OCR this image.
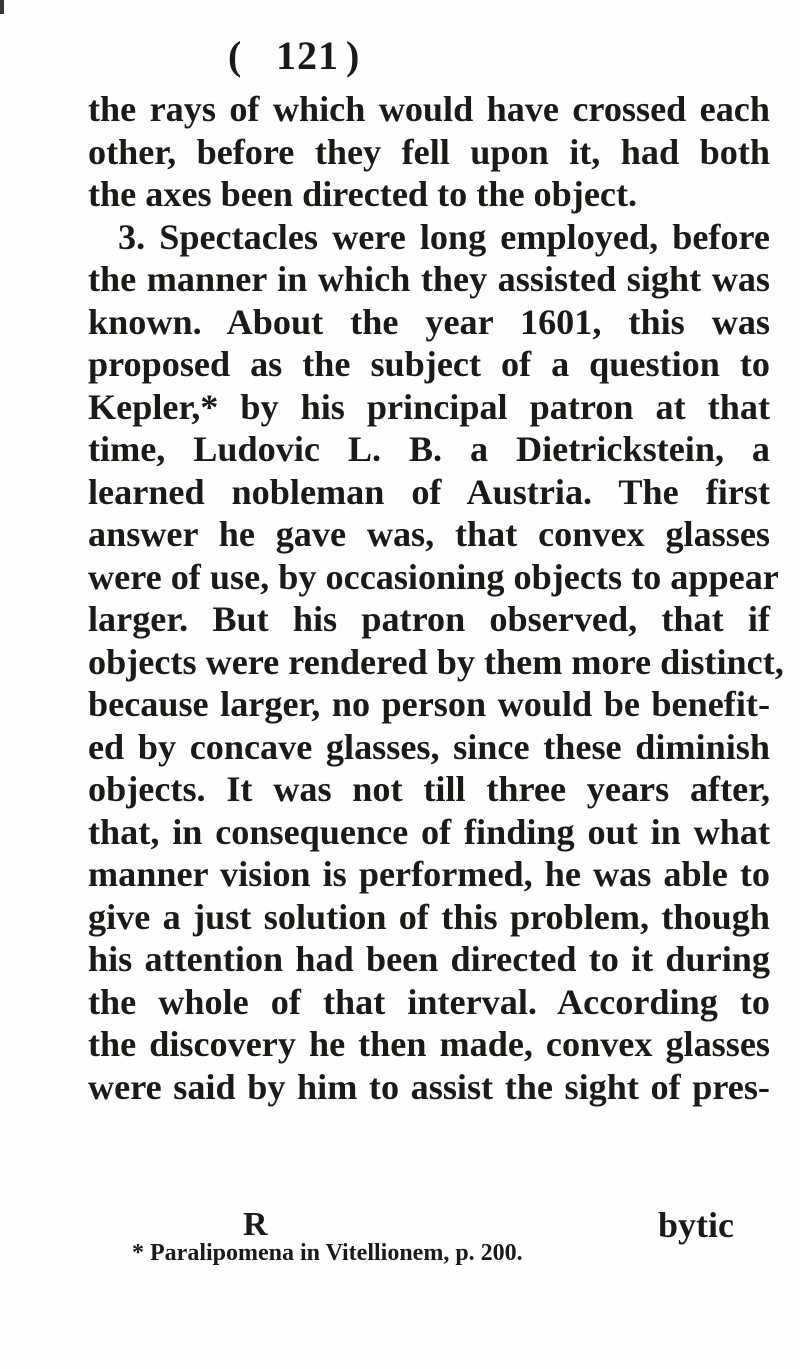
( 121 )
the rays of which would have crossed each
other, before they fell upon it, had both
the axes been directed to the object.
3. Spectacles were long employed, before
the manner in which they assisted sight was
known. About the year 1601, this was
proposed as the subject of a question to
Kepler,* by his principal patron at that
time, Ludovic L. B. a Dietrickstein, a
learned nobleman of Austria. The first
answer he gave was, that convex glasses
were of use, by occasioning objects to appear
larger. But his patron observed, that if
objects were rendered by them more distinct,
because larger, no person would be benefit-
ed by concave glasses, since these diminish
objects. It was not till three years after,
that, in consequence of finding out in what
manner vision is performed, he was able to
give a just solution of this problem, though
his attention had been directed to it during
the whole of that interval. According to
the discovery he then made, convex glasses
were said by him to assist the sight of pres-
R	bytic
* Paralipomena in Vitellionem, p. 200.
